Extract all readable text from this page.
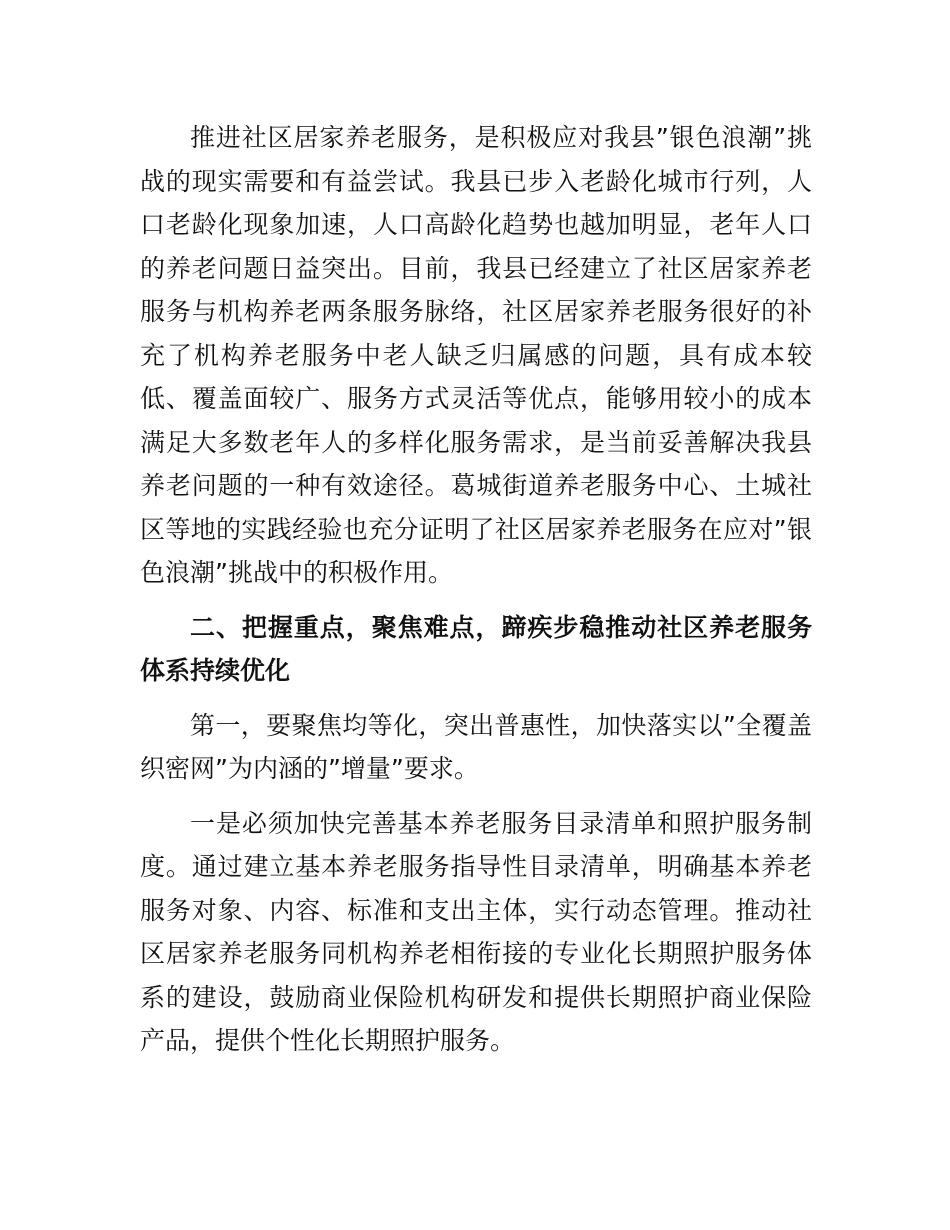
推进社区居家养老服务，是积极应对我县”银色浪潮”挑战的现实需要和有益尝试。我县已步入老龄化城市行列，人口老龄化现象加速，人口高龄化趋势也越加明显，老年人口的养老问题日益突出。目前，我县已经建立了社区居家养老服务与机构养老两条服务脉络，社区居家养老服务很好的补充了机构养老服务中老人缺乏归属感的问题，具有成本较低、覆盖面较广、服务方式灵活等优点，能够用较小的成本满足大多数老年人的多样化服务需求，是当前妥善解决我县养老问题的一种有效途径。葛城街道养老服务中心、土城社区等地的实践经验也充分证明了社区居家养老服务在应对”银色浪潮”挑战中的积极作用。

二、把握重点，聚焦难点，蹄疾步稳推动社区养老服务体系持续优化

第一，要聚焦均等化，突出普惠性，加快落实以”全覆盖织密网”为内涵的”增量”要求。

一是必须加快完善基本养老服务目录清单和照护服务制度。通过建立基本养老服务指导性目录清单，明确基本养老服务对象、内容、标准和支出主体，实行动态管理。推动社区居家养老服务同机构养老相衔接的专业化长期照护服务体系的建设，鼓励商业保险机构研发和提供长期照护商业保险产品，提供个性化长期照护服务。
